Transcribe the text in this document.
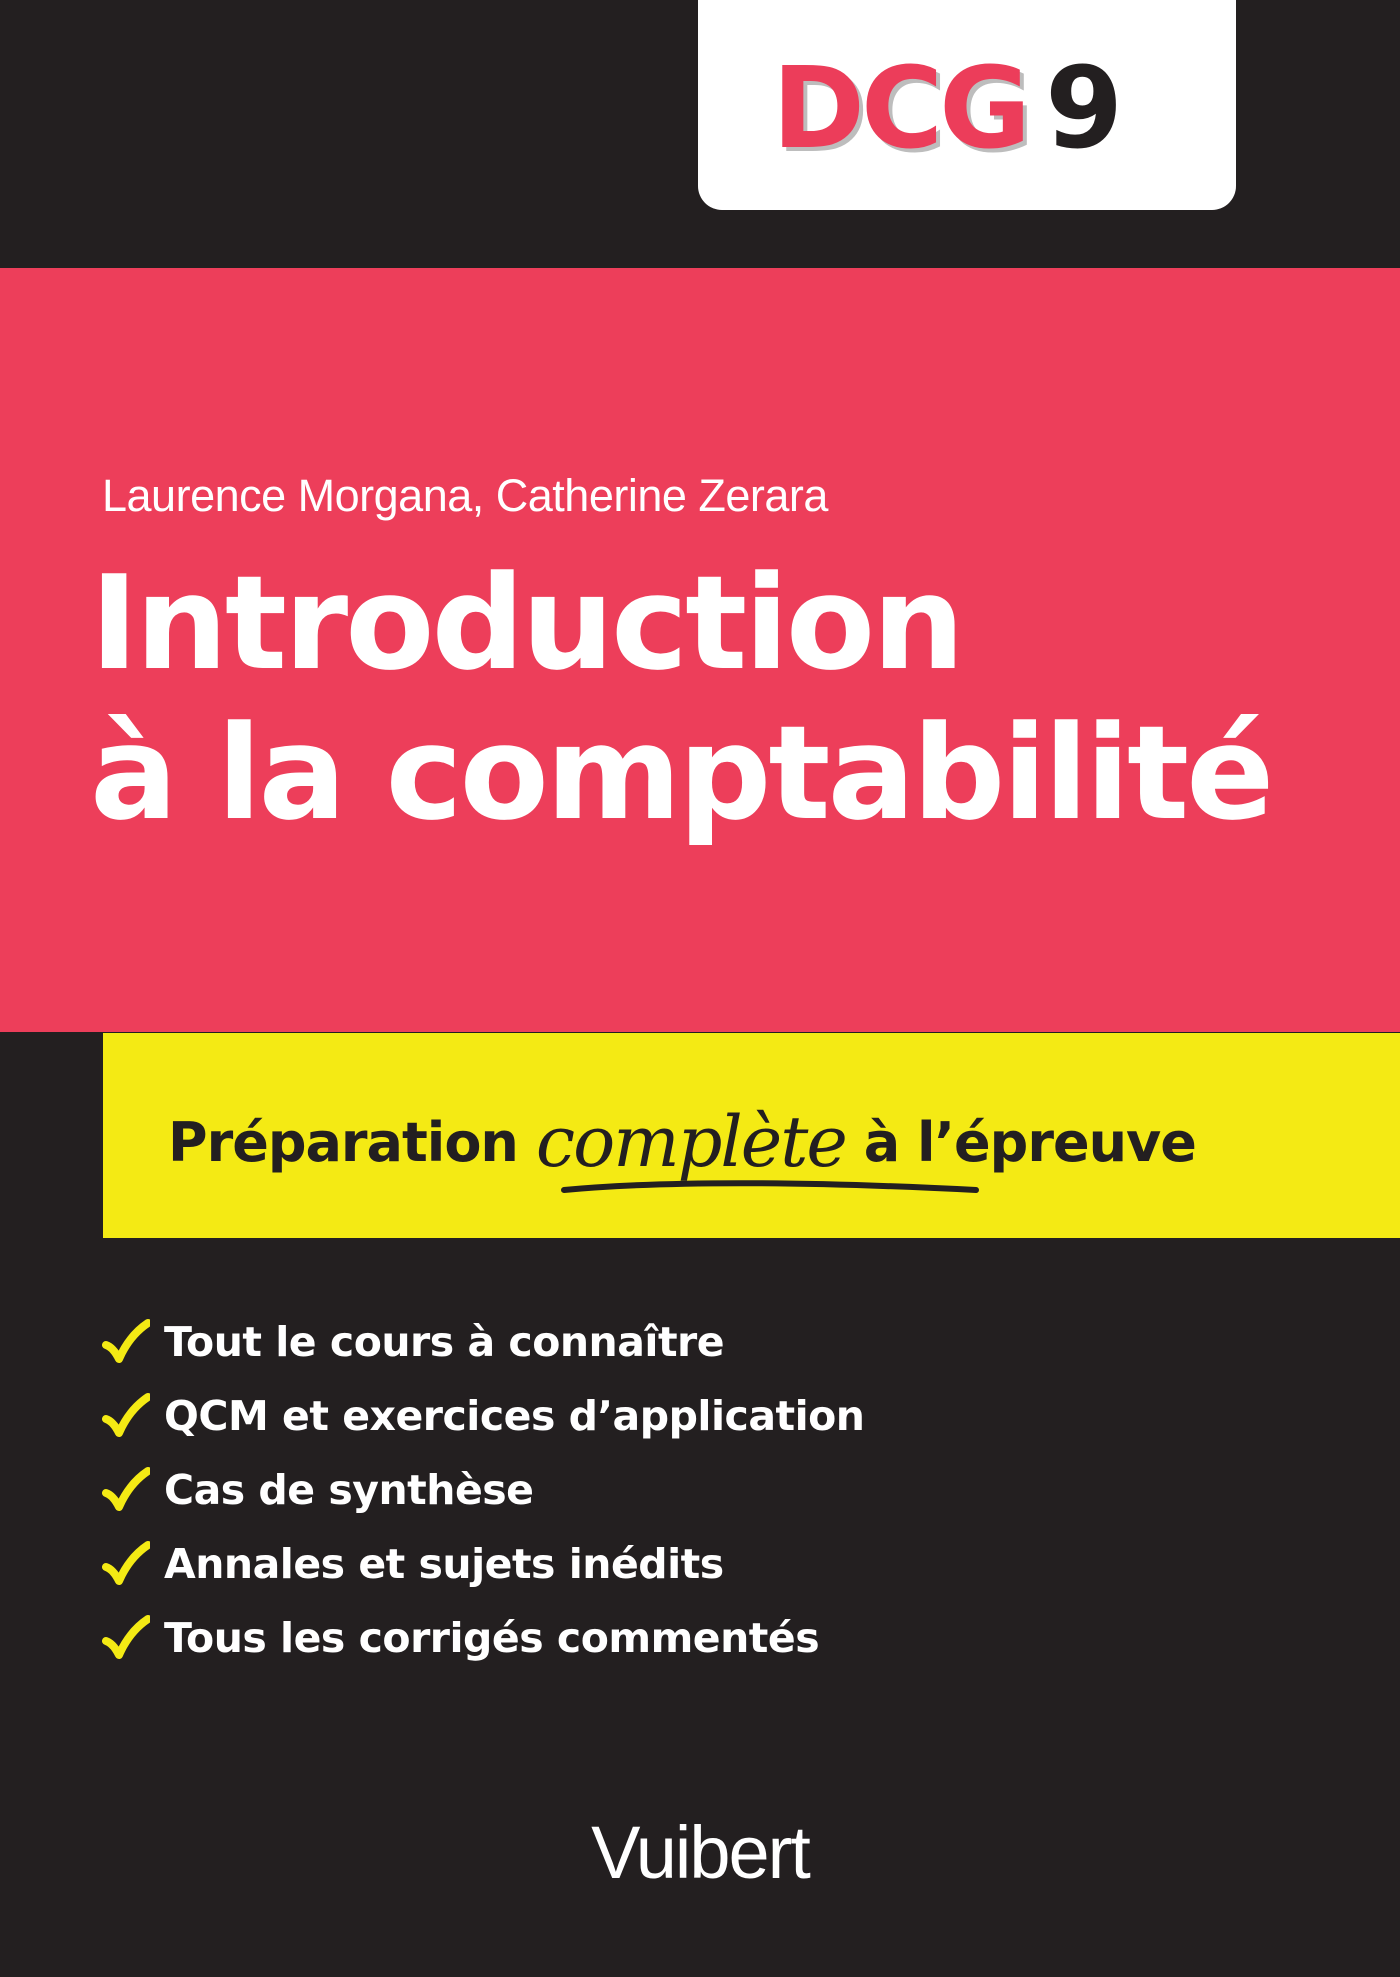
DCG 9
Laurence Morgana, Catherine Zerara
Introduction
à la comptabilité
Préparation complète à l’épreuve
Tout le cours à connaître
QCM et exercices d’application
Cas de synthèse
Annales et sujets inédits
Tous les corrigés commentés
Vuibert
